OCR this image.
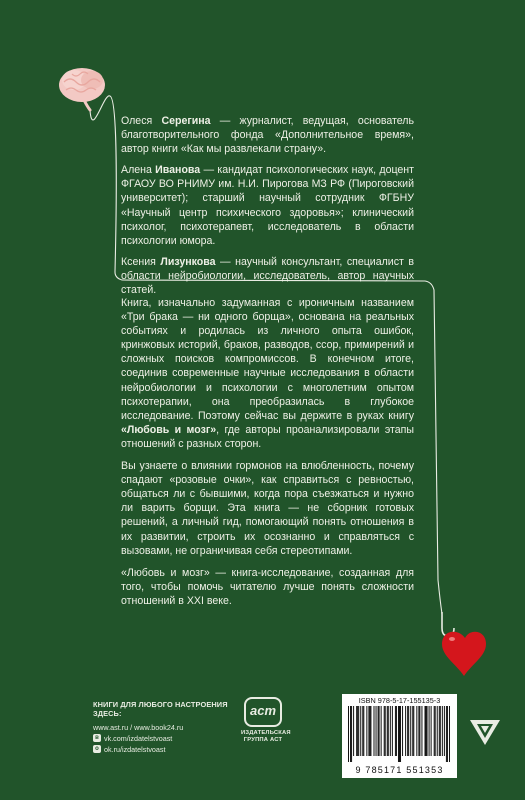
Олеся Серегина — журналист, ведущая, основатель благотворительного фонда «Дополнительное время», автор книги «Как мы развлекали страну».

Алена Иванова — кандидат психологических наук, доцент ФГАОУ ВО РНИМУ им. Н.И. Пирогова МЗ РФ (Пироговский университет); старший научный сотрудник ФГБНУ «Научный центр психического здоровья»; клинический психолог, психотерапевт, исследователь в области психологии юмора.

Ксения Лизункова — научный консультант, специалист в области нейробиологии, исследователь, автор научных статей.

Книга, изначально задуманная с ироничным названием «Три брака — ни одного борща», основана на реальных событиях и родилась из личного опыта ошибок, кринжовых историй, браков, разводов, ссор, примирений и сложных поисков компромиссов. В конечном итоге, соединив современные научные исследования в области нейробиологии и психологии с многолетним опытом психотерапии, она преобразилась в глубокое исследование. Поэтому сейчас вы держите в руках книгу «Любовь и мозг», где авторы проанализировали этапы отношений с разных сторон.

Вы узнаете о влиянии гормонов на влюбленность, почему спадают «розовые очки», как справиться с ревностью, общаться ли с бывшими, когда пора съезжаться и нужно ли варить борщи. Эта книга — не сборник готовых решений, а личный гид, помогающий понять отношения в их развитии, строить их осознанно и справляться с вызовами, не ограничивая себя стереотипами.

«Любовь и мозг» — книга-исследование, созданная для того, чтобы помочь читателю лучше понять сложности отношений в XXI веке.

КНИГИ ДЛЯ ЛЮБОГО НАСТРОЕНИЯ ЗДЕСЬ:
www.ast.ru / www.book24.ru
в vk.com/izdatelstvoast
о ok.ru/izdatelstvoast
аст
ИЗДАТЕЛЬСКАЯ ГРУППА АСТ
ISBN 978-5-17-155135-3
9 785171 551353
